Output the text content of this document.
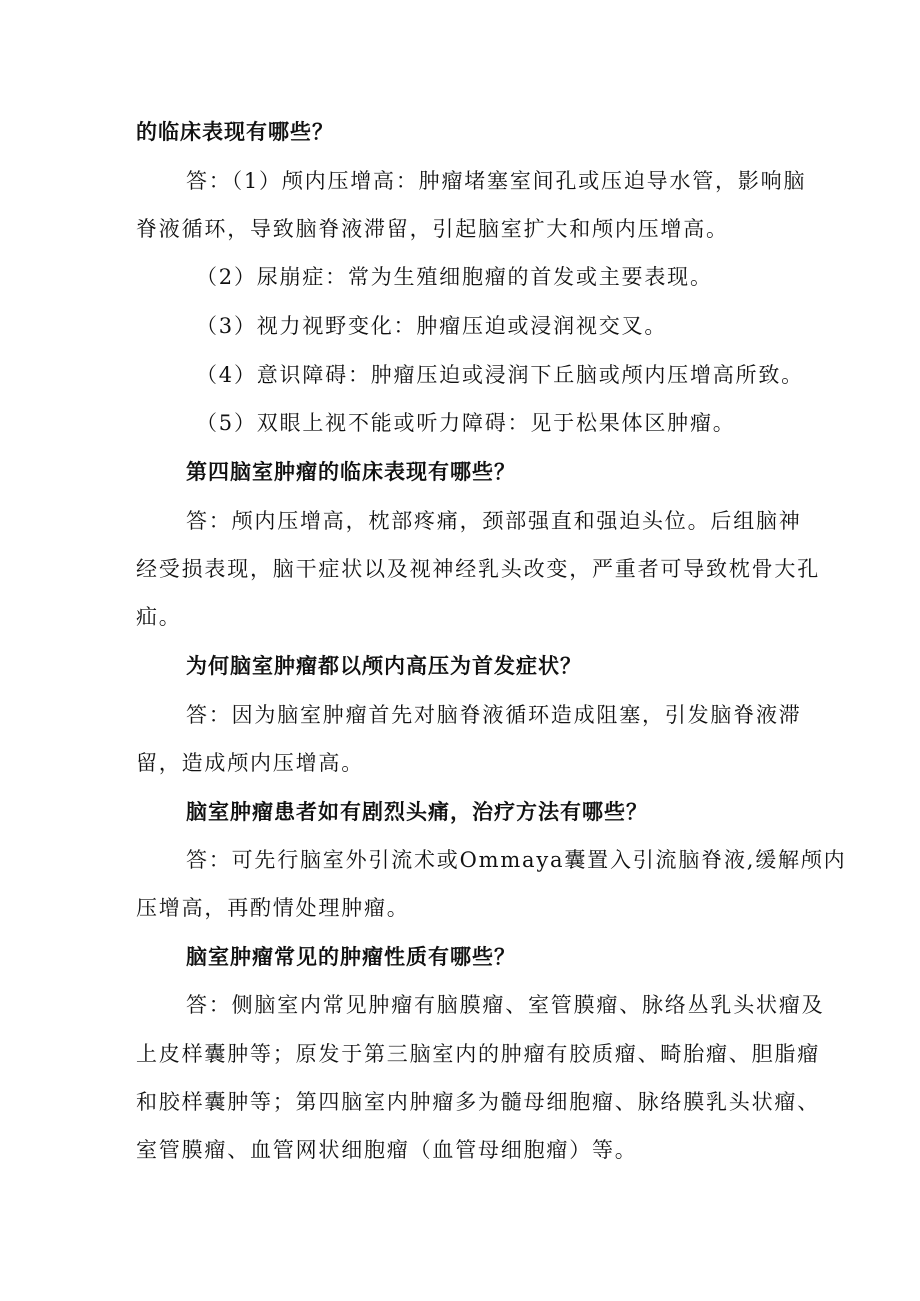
的临床表现有哪些？
答：（1）颅内压增高：肿瘤堵塞室间孔或压迫导水管，影响脑
脊液循环，导致脑脊液滞留，引起脑室扩大和颅内压增高。
（2）尿崩症：常为生殖细胞瘤的首发或主要表现。
（3）视力视野变化：肿瘤压迫或浸润视交叉。
（4）意识障碍：肿瘤压迫或浸润下丘脑或颅内压增高所致。
（5）双眼上视不能或听力障碍：见于松果体区肿瘤。
第四脑室肿瘤的临床表现有哪些？
答：颅内压增高，枕部疼痛，颈部强直和强迫头位。后组脑神
经受损表现，脑干症状以及视神经乳头改变，严重者可导致枕骨大孔
疝。
为何脑室肿瘤都以颅内高压为首发症状？
答：因为脑室肿瘤首先对脑脊液循环造成阻塞，引发脑脊液滞
留，造成颅内压增高。
脑室肿瘤患者如有剧烈头痛，治疗方法有哪些？
答：可先行脑室外引流术或Ommaya囊置入引流脑脊液,缓解颅内
压增高，再酌情处理肿瘤。
脑室肿瘤常见的肿瘤性质有哪些？
答：侧脑室内常见肿瘤有脑膜瘤、室管膜瘤、脉络丛乳头状瘤及
上皮样囊肿等；原发于第三脑室内的肿瘤有胶质瘤、畸胎瘤、胆脂瘤
和胶样囊肿等；第四脑室内肿瘤多为髓母细胞瘤、脉络膜乳头状瘤、
室管膜瘤、血管网状细胞瘤（血管母细胞瘤）等。
